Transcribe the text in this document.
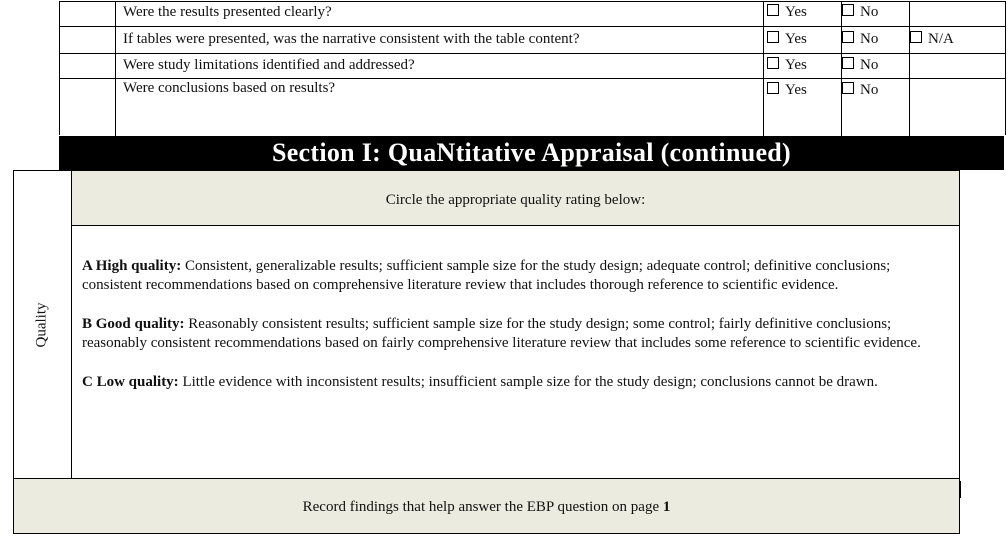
Were the results presented clearly?	Yes	No
If tables were presented, was the narrative consistent with the table content?	Yes	No	N/A
Were study limitations identified and addressed?	Yes	No
Were conclusions based on results?	Yes	No
Section I: QuaNtitative Appraisal (continued)
Quality
Circle the appropriate quality rating below:

A High quality: Consistent, generalizable results; sufficient sample size for the study design; adequate control; definitive conclusions; consistent recommendations based on comprehensive literature review that includes thorough reference to scientific evidence.

B Good quality: Reasonably consistent results; sufficient sample size for the study design; some control; fairly definitive conclusions; reasonably consistent recommendations based on fairly comprehensive literature review that includes some reference to scientific evidence.

C Low quality: Little evidence with inconsistent results; insufficient sample size for the study design; conclusions cannot be drawn.

Record findings that help answer the EBP question on page 1
